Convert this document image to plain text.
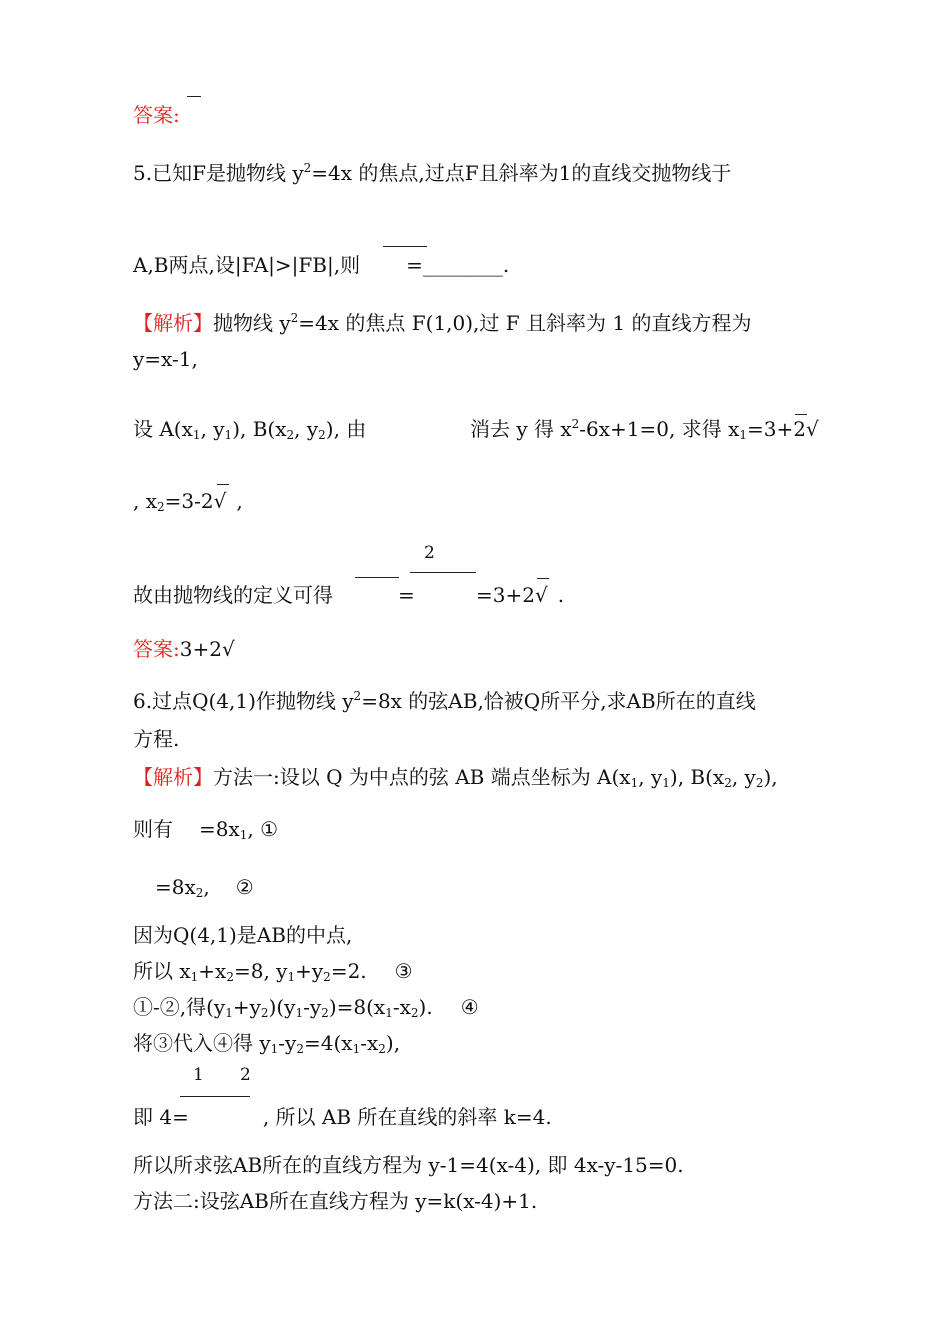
答案:
5.已知F是抛物线 $y^2=4x$ 的焦点,过点F且斜率为1的直线交抛物线于
A,B两点,设|FA|>|FB|,则 =________.
【解析】抛物线 $y^2=4x$ 的焦点 F(1,0),过 F 且斜率为 1 的直线方程为
y=x-1,
设 $A(x_1$, $y_1$), $B(x_2$, $y_2$), 由	消去 y 得 $x^2-6x+1=0$, 求得 $x_1=3+2√$
, $x_2=3-2√$ ,
2
故由抛物线的定义可得	=	=3+2√ .
答案:3+2√
6.过点Q(4,1)作抛物线 $y^2=8x$ 的弦AB,恰被Q所平分,求AB所在的直线
方程.
【解析】方法一:设以 Q 为中点的弦 AB 端点坐标为 $A(x_1$, $y_1$), $B(x_2$, $y_2$),
则有 $=8x_1$, ①
$=8x_2$, ②
因为Q(4,1)是AB的中点,
所以 $x_1+x_2=8$, $y_1+y_2=2$. ③
①-②,得$(y_1+y_2)(y_1-y_2)=8(x_1-x_2)$. ④
将③代入④得 $y_1-y_2=4(x_1-x_2)$,
1 2
即 4=	, 所以 AB 所在直线的斜率 k=4.
所以所求弦AB所在的直线方程为 y-1=4(x-4), 即 4x-y-15=0.
方法二:设弦AB所在直线方程为 y=k(x-4)+1.
